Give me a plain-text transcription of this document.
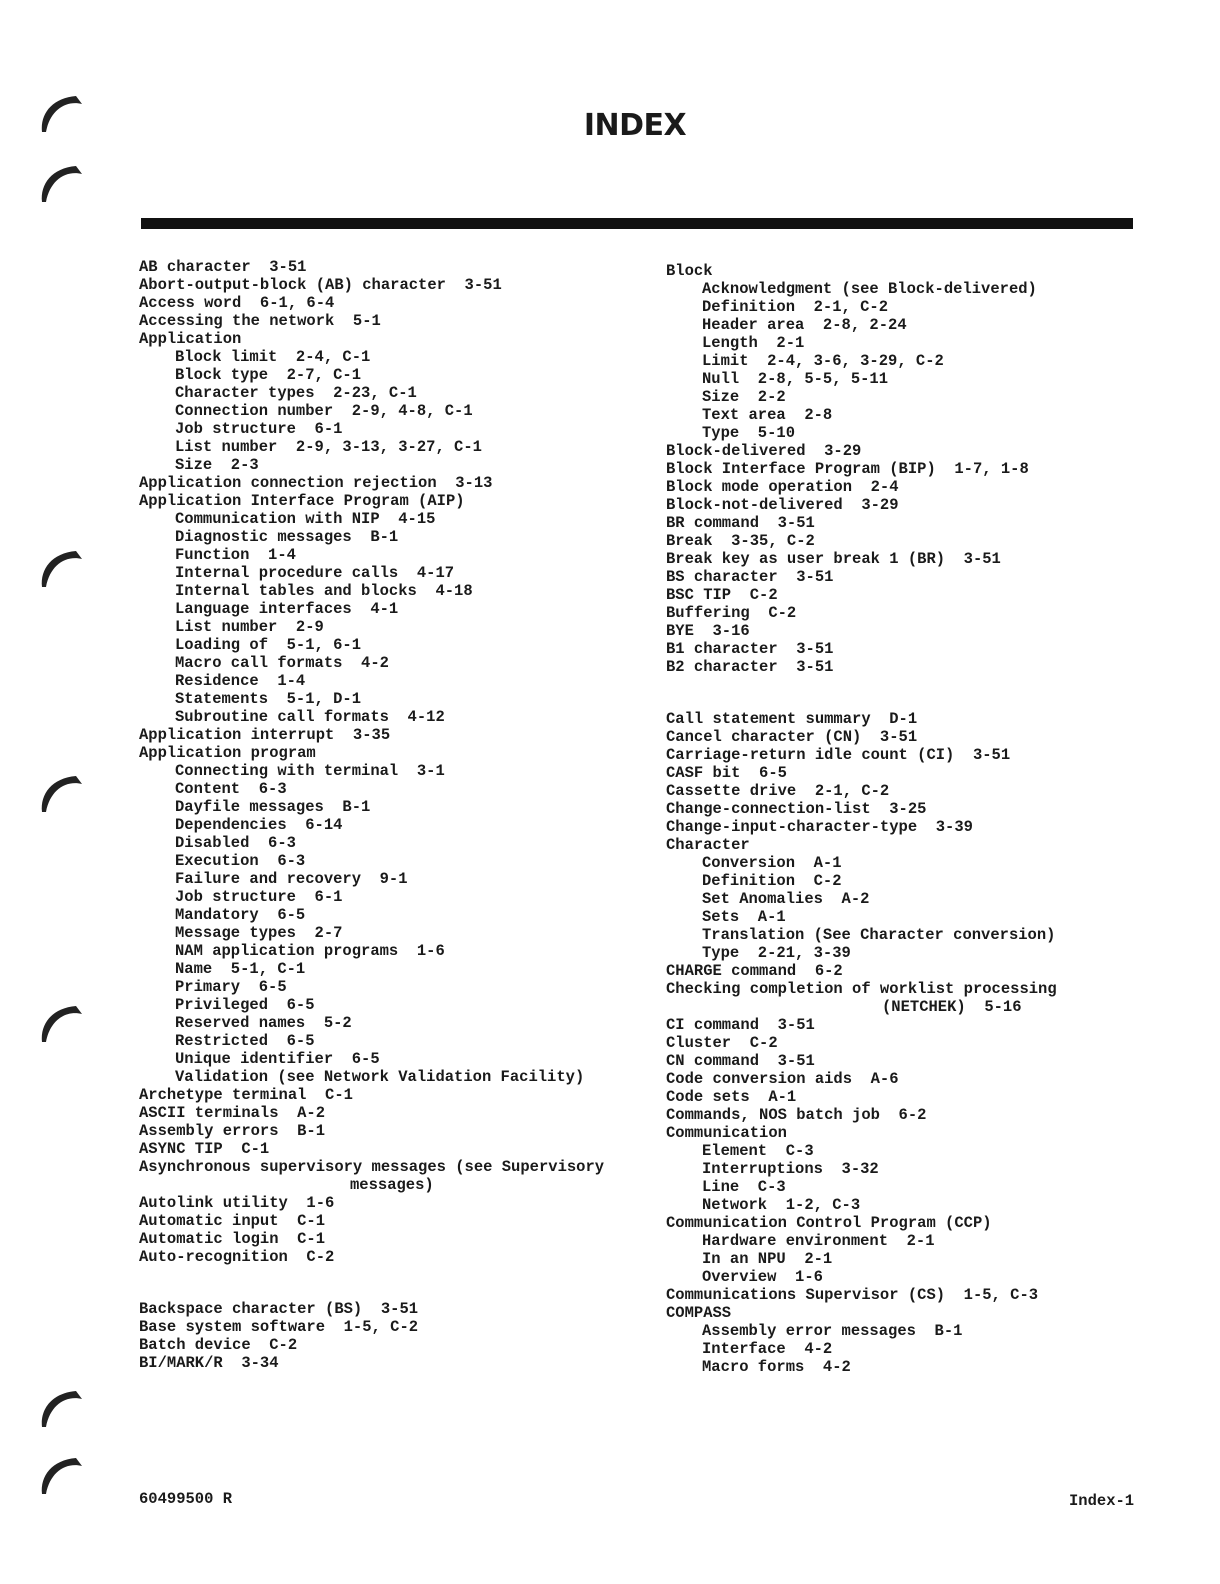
INDEX
AB character  3-51
Abort-output-block (AB) character  3-51
Access word  6-1, 6-4
Accessing the network  5-1
Application
Block limit  2-4, C-1
Block type  2-7, C-1
Character types  2-23, C-1
Connection number  2-9, 4-8, C-1
Job structure  6-1
List number  2-9, 3-13, 3-27, C-1
Size  2-3
Application connection rejection  3-13
Application Interface Program (AIP)
Communication with NIP  4-15
Diagnostic messages  B-1
Function  1-4
Internal procedure calls  4-17
Internal tables and blocks  4-18
Language interfaces  4-1
List number  2-9
Loading of  5-1, 6-1
Macro call formats  4-2
Residence  1-4
Statements  5-1, D-1
Subroutine call formats  4-12
Application interrupt  3-35
Application program
Connecting with terminal  3-1
Content  6-3
Dayfile messages  B-1
Dependencies  6-14
Disabled  6-3
Execution  6-3
Failure and recovery  9-1
Job structure  6-1
Mandatory  6-5
Message types  2-7
NAM application programs  1-6
Name  5-1, C-1
Primary  6-5
Privileged  6-5
Reserved names  5-2
Restricted  6-5
Unique identifier  6-5
Validation (see Network Validation Facility)
Archetype terminal  C-1
ASCII terminals  A-2
Assembly errors  B-1
ASYNC TIP  C-1
Asynchronous supervisory messages (see Supervisory
messages)
Autolink utility  1-6
Automatic input  C-1
Automatic login  C-1
Auto-recognition  C-2
Backspace character (BS)  3-51
Base system software  1-5, C-2
Batch device  C-2
BI/MARK/R  3-34
Block
Acknowledgment (see Block-delivered)
Definition  2-1, C-2
Header area  2-8, 2-24
Length  2-1
Limit  2-4, 3-6, 3-29, C-2
Null  2-8, 5-5, 5-11
Size  2-2
Text area  2-8
Type  5-10
Block-delivered  3-29
Block Interface Program (BIP)  1-7, 1-8
Block mode operation  2-4
Block-not-delivered  3-29
BR command  3-51
Break  3-35, C-2
Break key as user break 1 (BR)  3-51
BS character  3-51
BSC TIP  C-2
Buffering  C-2
BYE  3-16
B1 character  3-51
B2 character  3-51
Call statement summary  D-1
Cancel character (CN)  3-51
Carriage-return idle count (CI)  3-51
CASF bit  6-5
Cassette drive  2-1, C-2
Change-connection-list  3-25
Change-input-character-type  3-39
Character
Conversion  A-1
Definition  C-2
Set Anomalies  A-2
Sets  A-1
Translation (See Character conversion)
Type  2-21, 3-39
CHARGE command  6-2
Checking completion of worklist processing
(NETCHEK)  5-16
CI command  3-51
Cluster  C-2
CN command  3-51
Code conversion aids  A-6
Code sets  A-1
Commands, NOS batch job  6-2
Communication
Element  C-3
Interruptions  3-32
Line  C-3
Network  1-2, C-3
Communication Control Program (CCP)
Hardware environment  2-1
In an NPU  2-1
Overview  1-6
Communications Supervisor (CS)  1-5, C-3
COMPASS
Assembly error messages  B-1
Interface  4-2
Macro forms  4-2
60499500 R	Index-1
